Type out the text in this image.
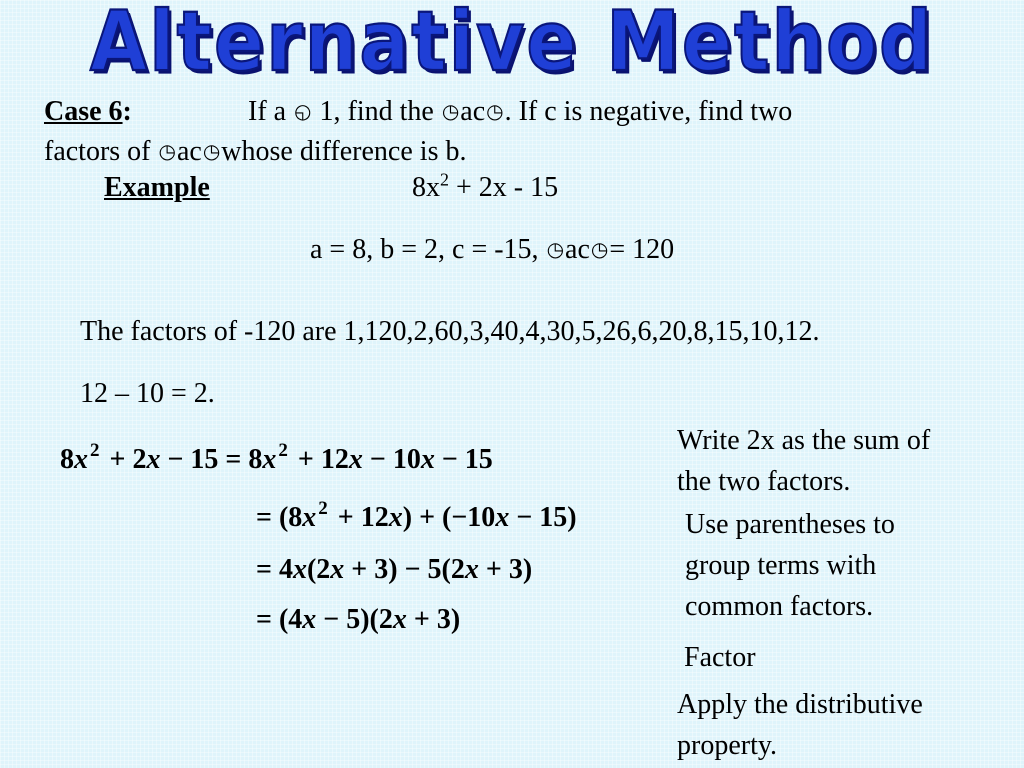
Alternative Method
Case 6:	If a ◵ 1, find the ◷ac◷. If c is negative, find two
factors of ◷ac◷whose difference is b.
Example	$8x^2 + 2x - 15$
a = 8, b = 2, c = -15, ◷ac◷= 120
The factors of -120 are 1,120,2,60,3,40,4,30,5,26,6,20,8,15,10,12.
12 – 10 = 2.
Write 2x as the sum of
the two factors.
Use parentheses to
group terms with
common factors.
Factor
Apply the distributive
property.
8x $^2$ + 2x − 15 = 8x $^2$ + 12x − 10x − 15
= (8x $^2$ + 12x) + (−10x − 15)
= 4x(2x + 3) − 5(2x + 3)
= (4x − 5)(2x + 3)
